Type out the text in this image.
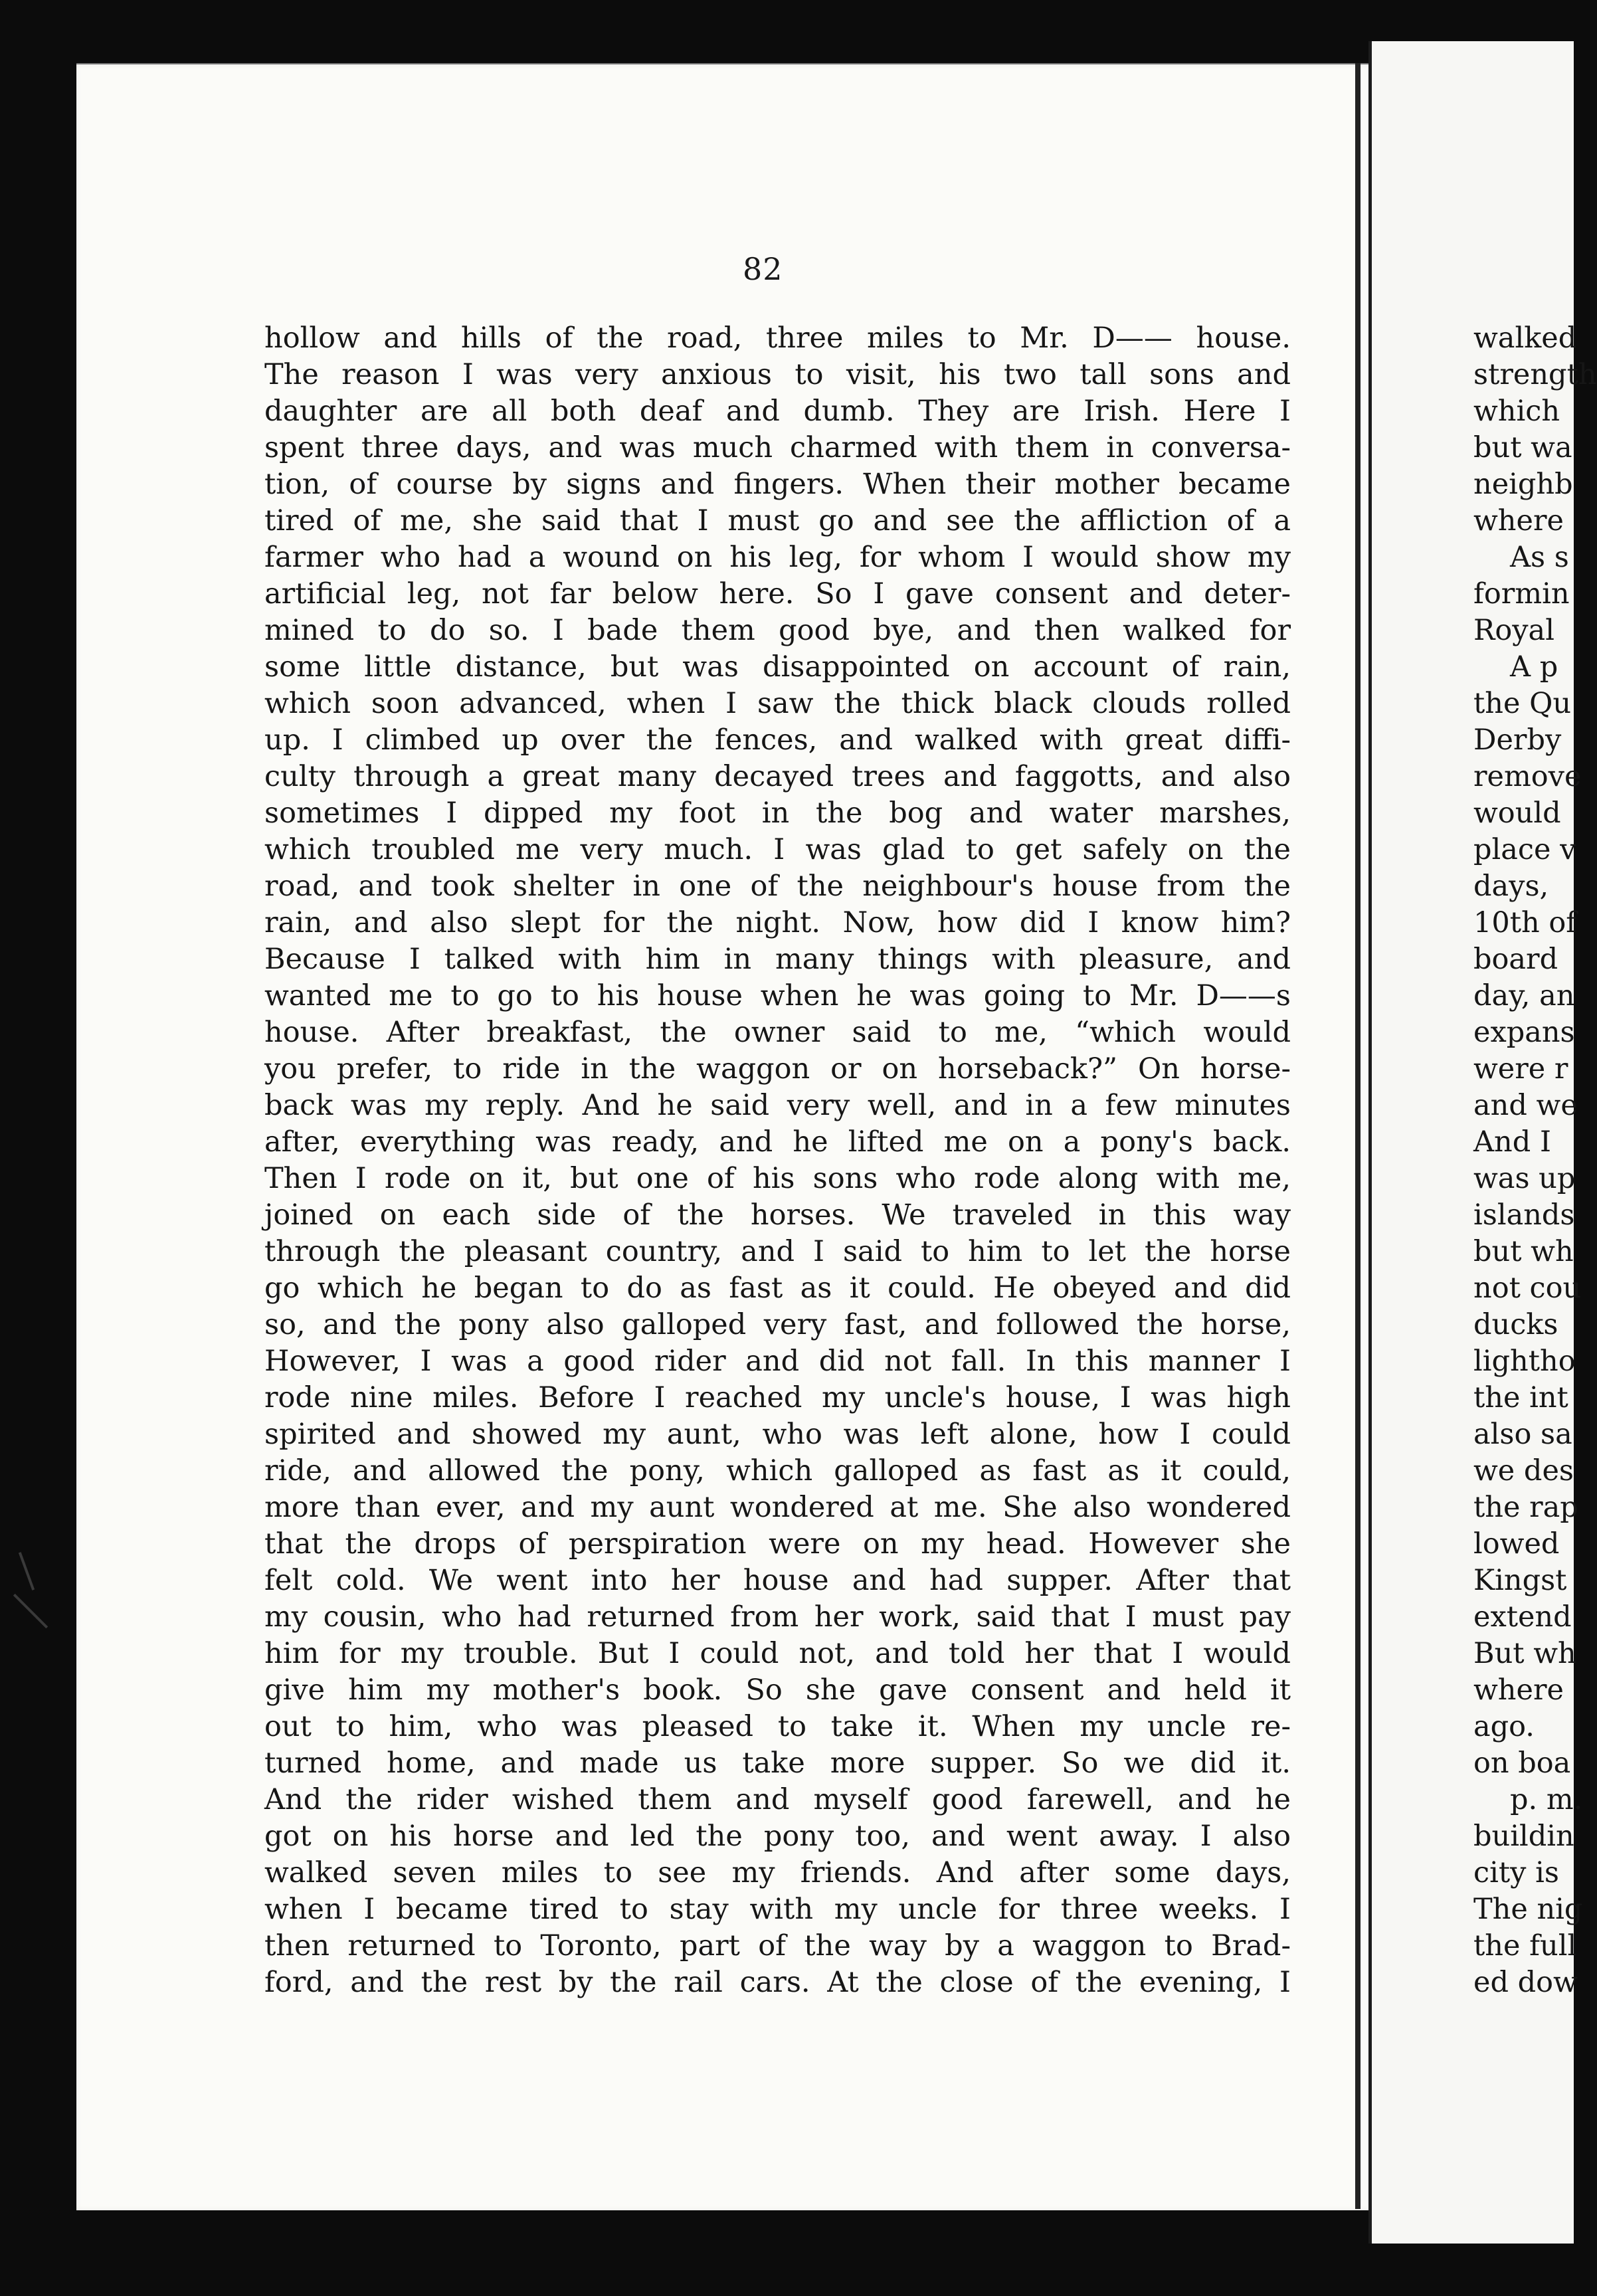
82
hollow and hills of the road, three miles to Mr. D—— house.
The reason I was very anxious to visit, his two tall sons and
daughter are all both deaf and dumb. They are Irish. Here I
spent three days, and was much charmed with them in conversa-
tion, of course by signs and fingers. When their mother became
tired of me, she said that I must go and see the affliction of a
farmer who had a wound on his leg, for whom I would show my
artificial leg, not far below here. So I gave consent and deter-
mined to do so. I bade them good bye, and then walked for
some little distance, but was disappointed on account of rain,
which soon advanced, when I saw the thick black clouds rolled
up. I climbed up over the fences, and walked with great diffi-
culty through a great many decayed trees and faggotts, and also
sometimes I dipped my foot in the bog and water marshes,
which troubled me very much. I was glad to get safely on the
road, and took shelter in one of the neighbour's house from the
rain, and also slept for the night. Now, how did I know him?
Because I talked with him in many things with pleasure, and
wanted me to go to his house when he was going to Mr. D——s
house. After breakfast, the owner said to me, “which would
you prefer, to ride in the waggon or on horseback?” On horse-
back was my reply. And he said very well, and in a few minutes
after, everything was ready, and he lifted me on a pony's back.
Then I rode on it, but one of his sons who rode along with me,
joined on each side of the horses. We traveled in this way
through the pleasant country, and I said to him to let the horse
go which he began to do as fast as it could. He obeyed and did
so, and the pony also galloped very fast, and followed the horse,
However, I was a good rider and did not fall. In this manner I
rode nine miles. Before I reached my uncle's house, I was high
spirited and showed my aunt, who was left alone, how I could
ride, and allowed the pony, which galloped as fast as it could,
more than ever, and my aunt wondered at me. She also wondered
that the drops of perspiration were on my head. However she
felt cold. We went into her house and had supper. After that
my cousin, who had returned from her work, said that I must pay
him for my trouble. But I could not, and told her that I would
give him my mother's book. So she gave consent and held it
out to him, who was pleased to take it. When my uncle re-
turned home, and made us take more supper. So we did it.
And the rider wished them and myself good farewell, and he
got on his horse and led the pony too, and went away. I also
walked seven miles to see my friends. And after some days,
when I became tired to stay with my uncle for three weeks. I
then returned to Toronto, part of the way by a waggon to Brad-
ford, and the rest by the rail cars. At the close of the evening, I
walked
strength
which
but wa
neighb
where
As s
formin
Royal
A p
the Qu
Derby
remove
would
place v
days,
10th of
board
day, an
expans
were r
and we
And I
was up
islands
but wh
not cou
ducks
lightho
the int
also sa
we des
the rap
lowed
Kingst
extend
But wh
where
ago.
on boa
p. m.
buildin
city is
The nig
the full
ed dow
